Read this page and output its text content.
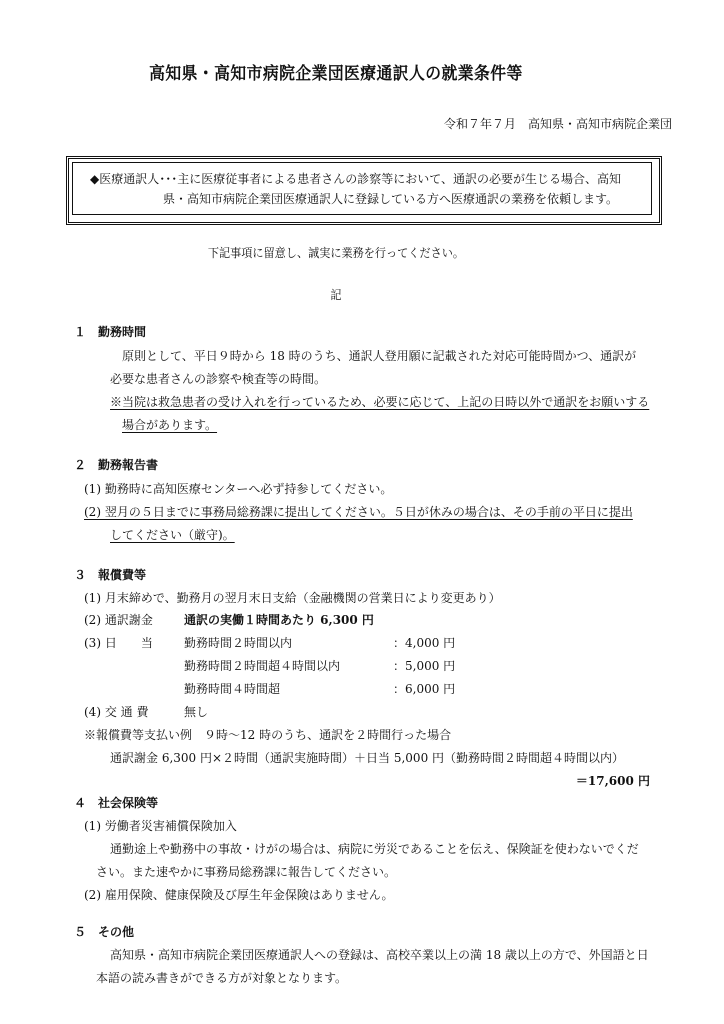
高知県・高知市病院企業団医療通訳人の就業条件等
令和７年７月　高知県・高知市病院企業団
◆医療通訳人･･･主に医療従事者による患者さんの診察等において、通訳の必要が生じる場合、高知
県・高知市病院企業団医療通訳人に登録している方へ医療通訳の業務を依頼します。
下記事項に留意し、誠実に業務を行ってください。
記
１　勤務時間
原則として、平日９時から 18 時のうち、通訳人登用願に記載された対応可能時間かつ、通訳が
必要な患者さんの診察や検査等の時間。
※当院は救急患者の受け入れを行っているため、必要に応じて、上記の日時以外で通訳をお願いする
場合があります。
２　勤務報告書
(1) 勤務時に高知医療センターへ必ず持参してください。
(2) 翌月の５日までに事務局総務課に提出してください。５日が休みの場合は、その手前の平日に提出
してください（厳守)。
３　報償費等
(1) 月末締めで、勤務月の翌月末日支給（金融機関の営業日により変更あり）
(2) 通訳謝金	通訳の実働１時間あたり 6,300 円
(3) 日　　当	勤務時間２時間以内	：4,000 円
勤務時間２時間超４時間以内	：5,000 円
勤務時間４時間超	：6,000 円
(4) 交 通 費	無し
※報償費等支払い例　９時～12 時のうち、通訳を２時間行った場合
通訳謝金 6,300 円×２時間（通訳実施時間）＋日当 5,000 円（勤務時間２時間超４時間以内）
＝17,600 円
４　社会保険等
(1) 労働者災害補償保険加入
通勤途上や勤務中の事故・けがの場合は、病院に労災であることを伝え、保険証を使わないでくだ
さい。また速やかに事務局総務課に報告してください。
(2) 雇用保険、健康保険及び厚生年金保険はありません。
５　その他
高知県・高知市病院企業団医療通訳人への登録は、高校卒業以上の満 18 歳以上の方で、外国語と日
本語の読み書きができる方が対象となります。
